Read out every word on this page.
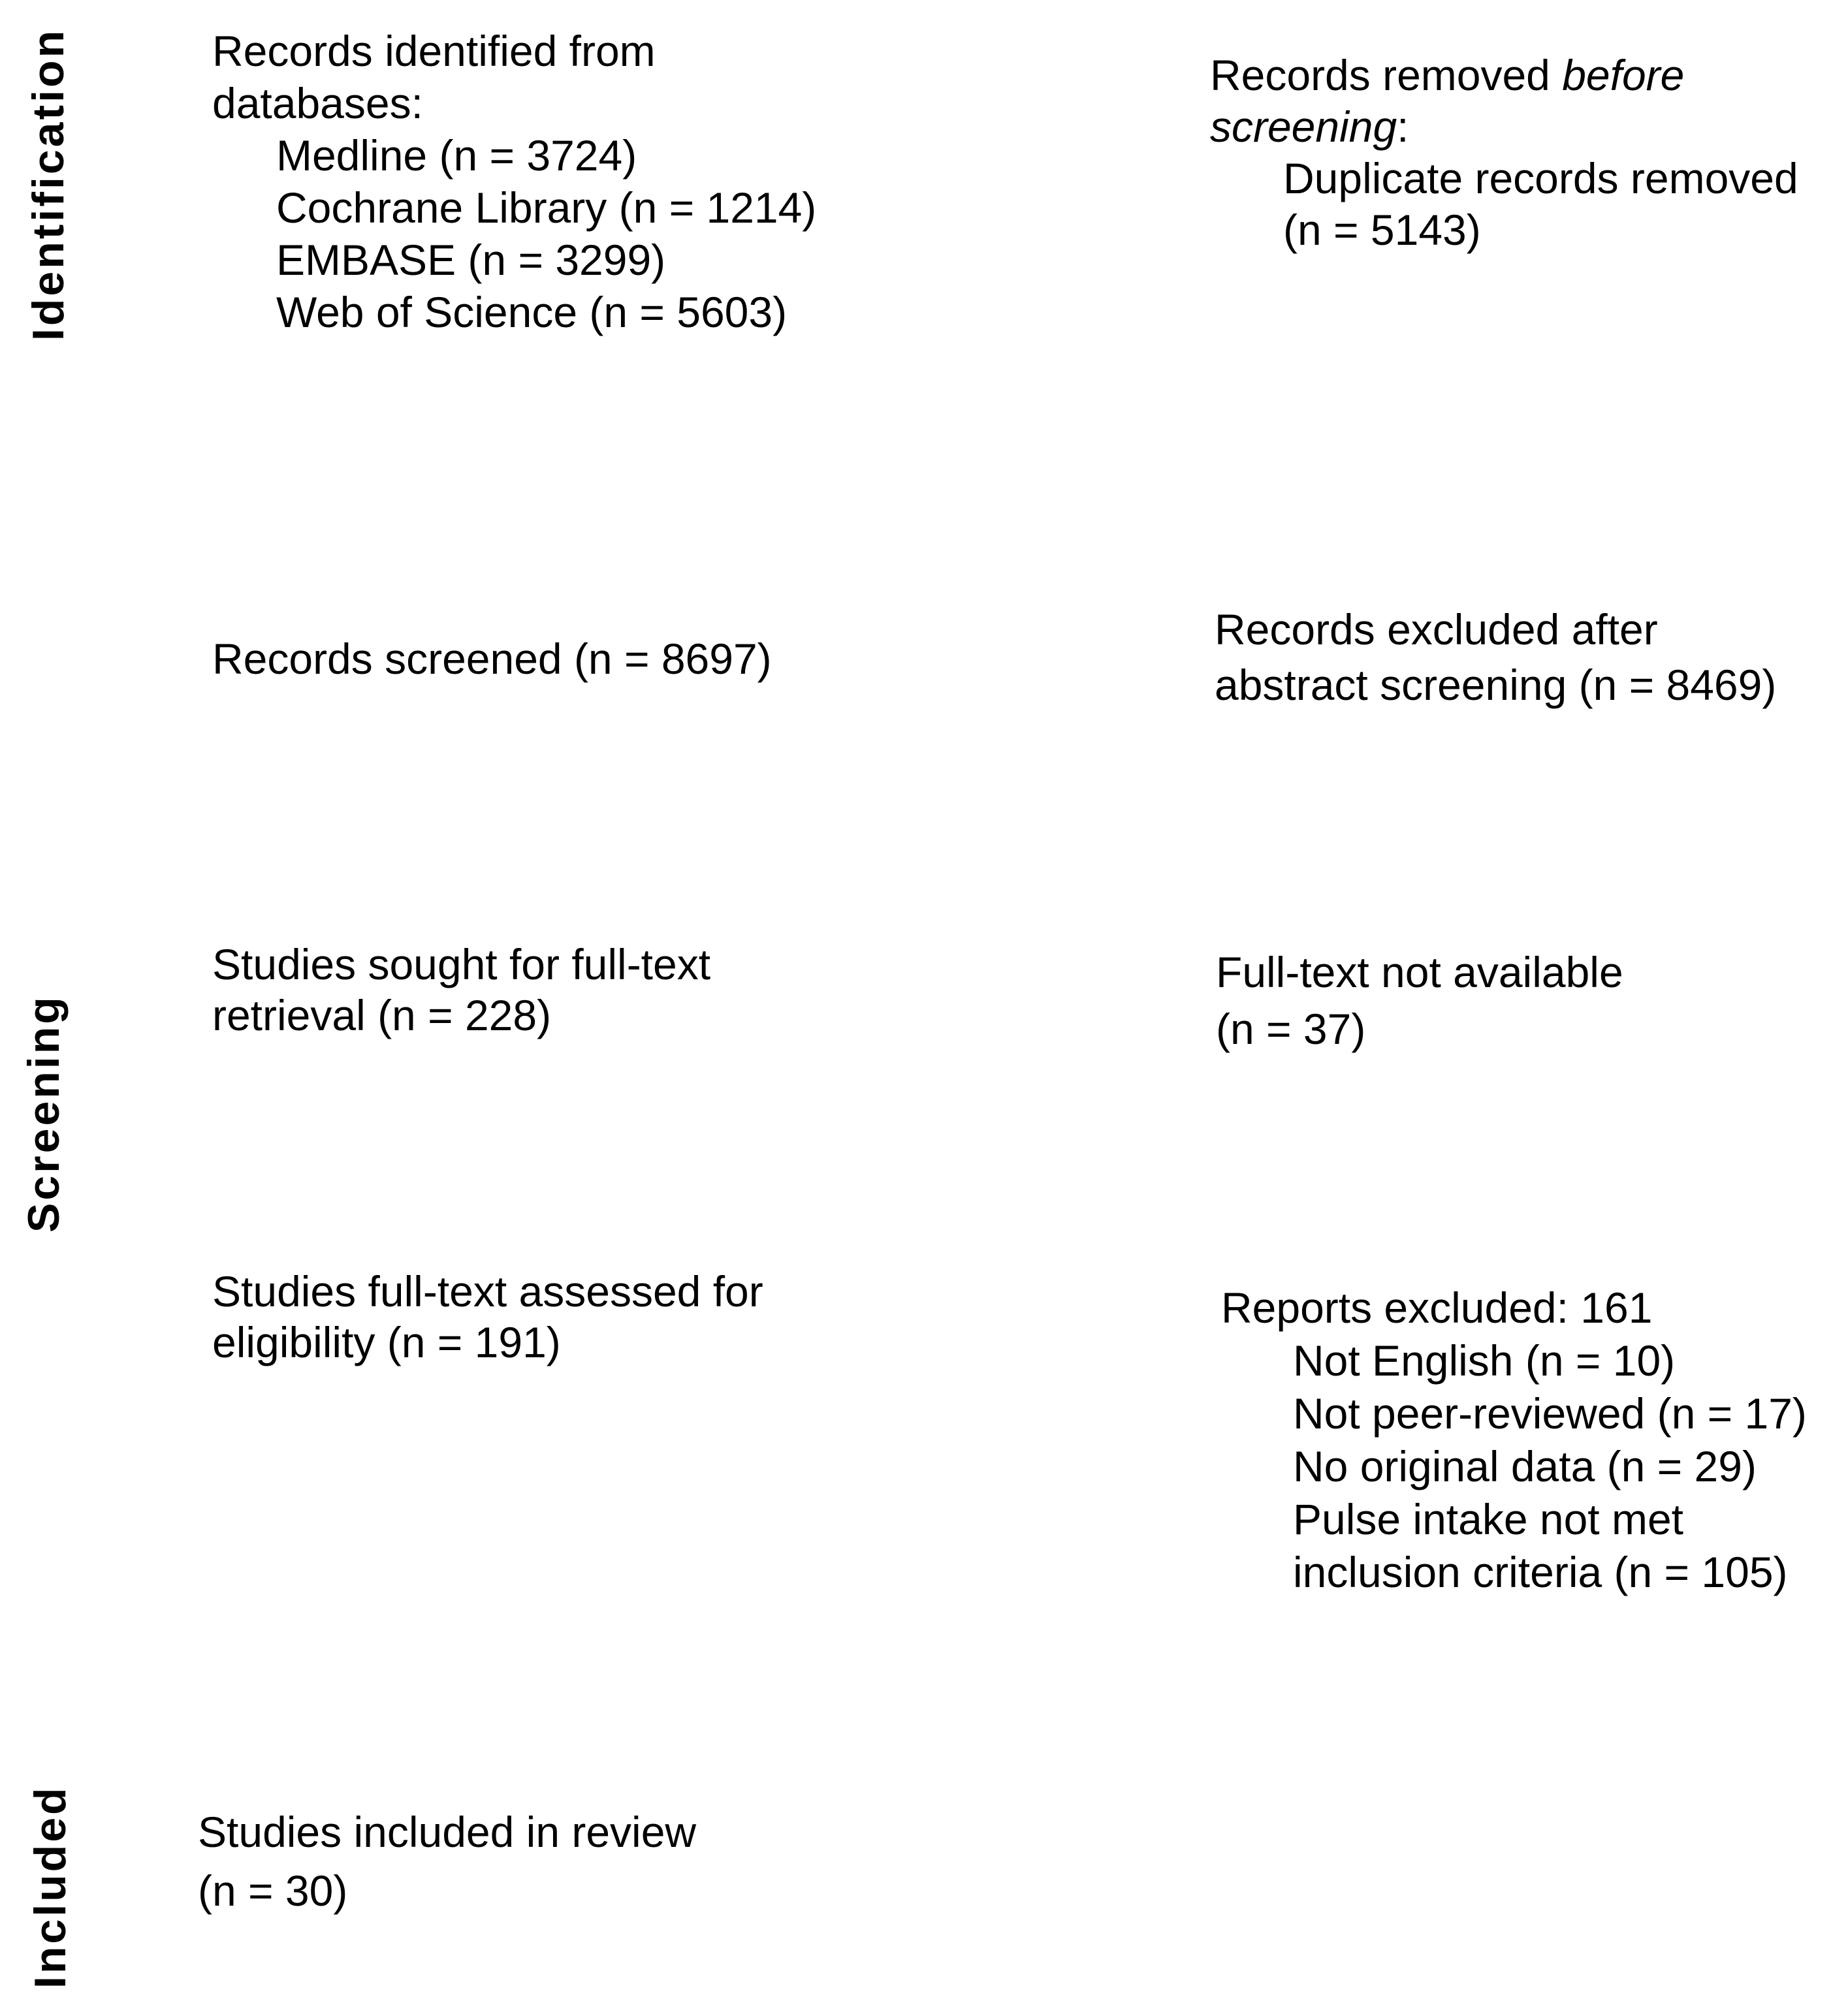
Identification
Screening
Included
Records identified from
databases:
Medline (n = 3724)
Cochrane Library (n = 1214)
EMBASE (n = 3299)
Web of Science (n = 5603)
Records removed before
screening:
Duplicate records removed
(n = 5143)
Records screened (n = 8697)
Records excluded after
abstract screening (n = 8469)
Studies sought for full-text
retrieval (n = 228)
Full-text not available
(n = 37)
Studies full-text assessed for
eligibility (n = 191)
Reports excluded: 161
Not English (n = 10)
Not peer-reviewed (n = 17)
No original data (n = 29)
Pulse intake not met
inclusion criteria (n = 105)
Studies included in review
(n = 30)
